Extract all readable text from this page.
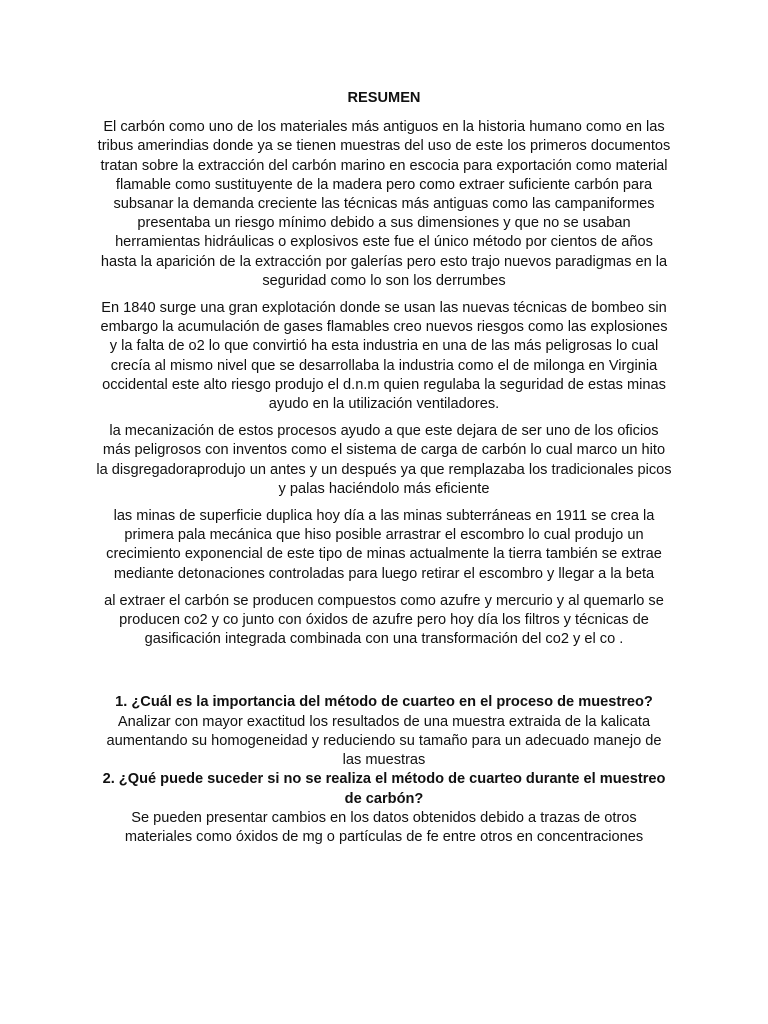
RESUMEN

El carbón como uno de los materiales más antiguos en la historia humano como en las tribus amerindias donde ya se tienen muestras del uso de este los primeros documentos tratan sobre la extracción del carbón marino en escocia para exportación como material flamable como sustituyente de la madera pero como extraer suficiente carbón para subsanar la demanda creciente las técnicas más antiguas como las campaniformes presentaba un riesgo mínimo debido a sus dimensiones y que no se usaban herramientas hidráulicas o explosivos este fue el único método por cientos de años hasta la aparición de la extracción por galerías pero esto trajo nuevos paradigmas en la seguridad como lo son los derrumbes

En 1840 surge una gran explotación donde se usan las nuevas técnicas de bombeo sin embargo la acumulación de gases flamables creo nuevos riesgos como las explosiones y la falta de o2 lo que convirtió ha esta industria en una de las más peligrosas lo cual crecía al mismo nivel que se desarrollaba la industria como el de milonga en Virginia occidental este alto riesgo produjo el d.n.m quien regulaba la seguridad de estas minas ayudo en la utilización ventiladores.

la mecanización de estos procesos ayudo a que este dejara de ser uno de los oficios más peligrosos con inventos como el sistema de carga de carbón lo cual marco un hito la disgregadoraprodujo un antes y un después ya que remplazaba los tradicionales picos y palas haciéndolo más eficiente

las minas de superficie duplica hoy día a las minas subterráneas en 1911 se crea la primera pala mecánica que hiso posible arrastrar el escombro lo cual produjo un crecimiento exponencial de este tipo de minas actualmente la tierra también se extrae mediante detonaciones controladas para luego retirar el escombro y llegar a la beta

al extraer el carbón se producen compuestos como azufre y mercurio y al quemarlo se producen co2 y co junto con óxidos de azufre pero hoy día los filtros y técnicas de gasificación integrada combinada con una transformación del co2 y el co .

1. ¿Cuál es la importancia del método de cuarteo en el proceso de muestreo?

Analizar con mayor exactitud los resultados de una muestra extraida de la kalicata aumentando su homogeneidad y reduciendo su tamaño para un adecuado manejo de las muestras

2. ¿Qué puede suceder si no se realiza el método de cuarteo durante el muestreo de carbón?

Se pueden presentar cambios en los datos obtenidos debido a trazas de otros materiales como óxidos de mg o partículas de fe entre otros en concentraciones
